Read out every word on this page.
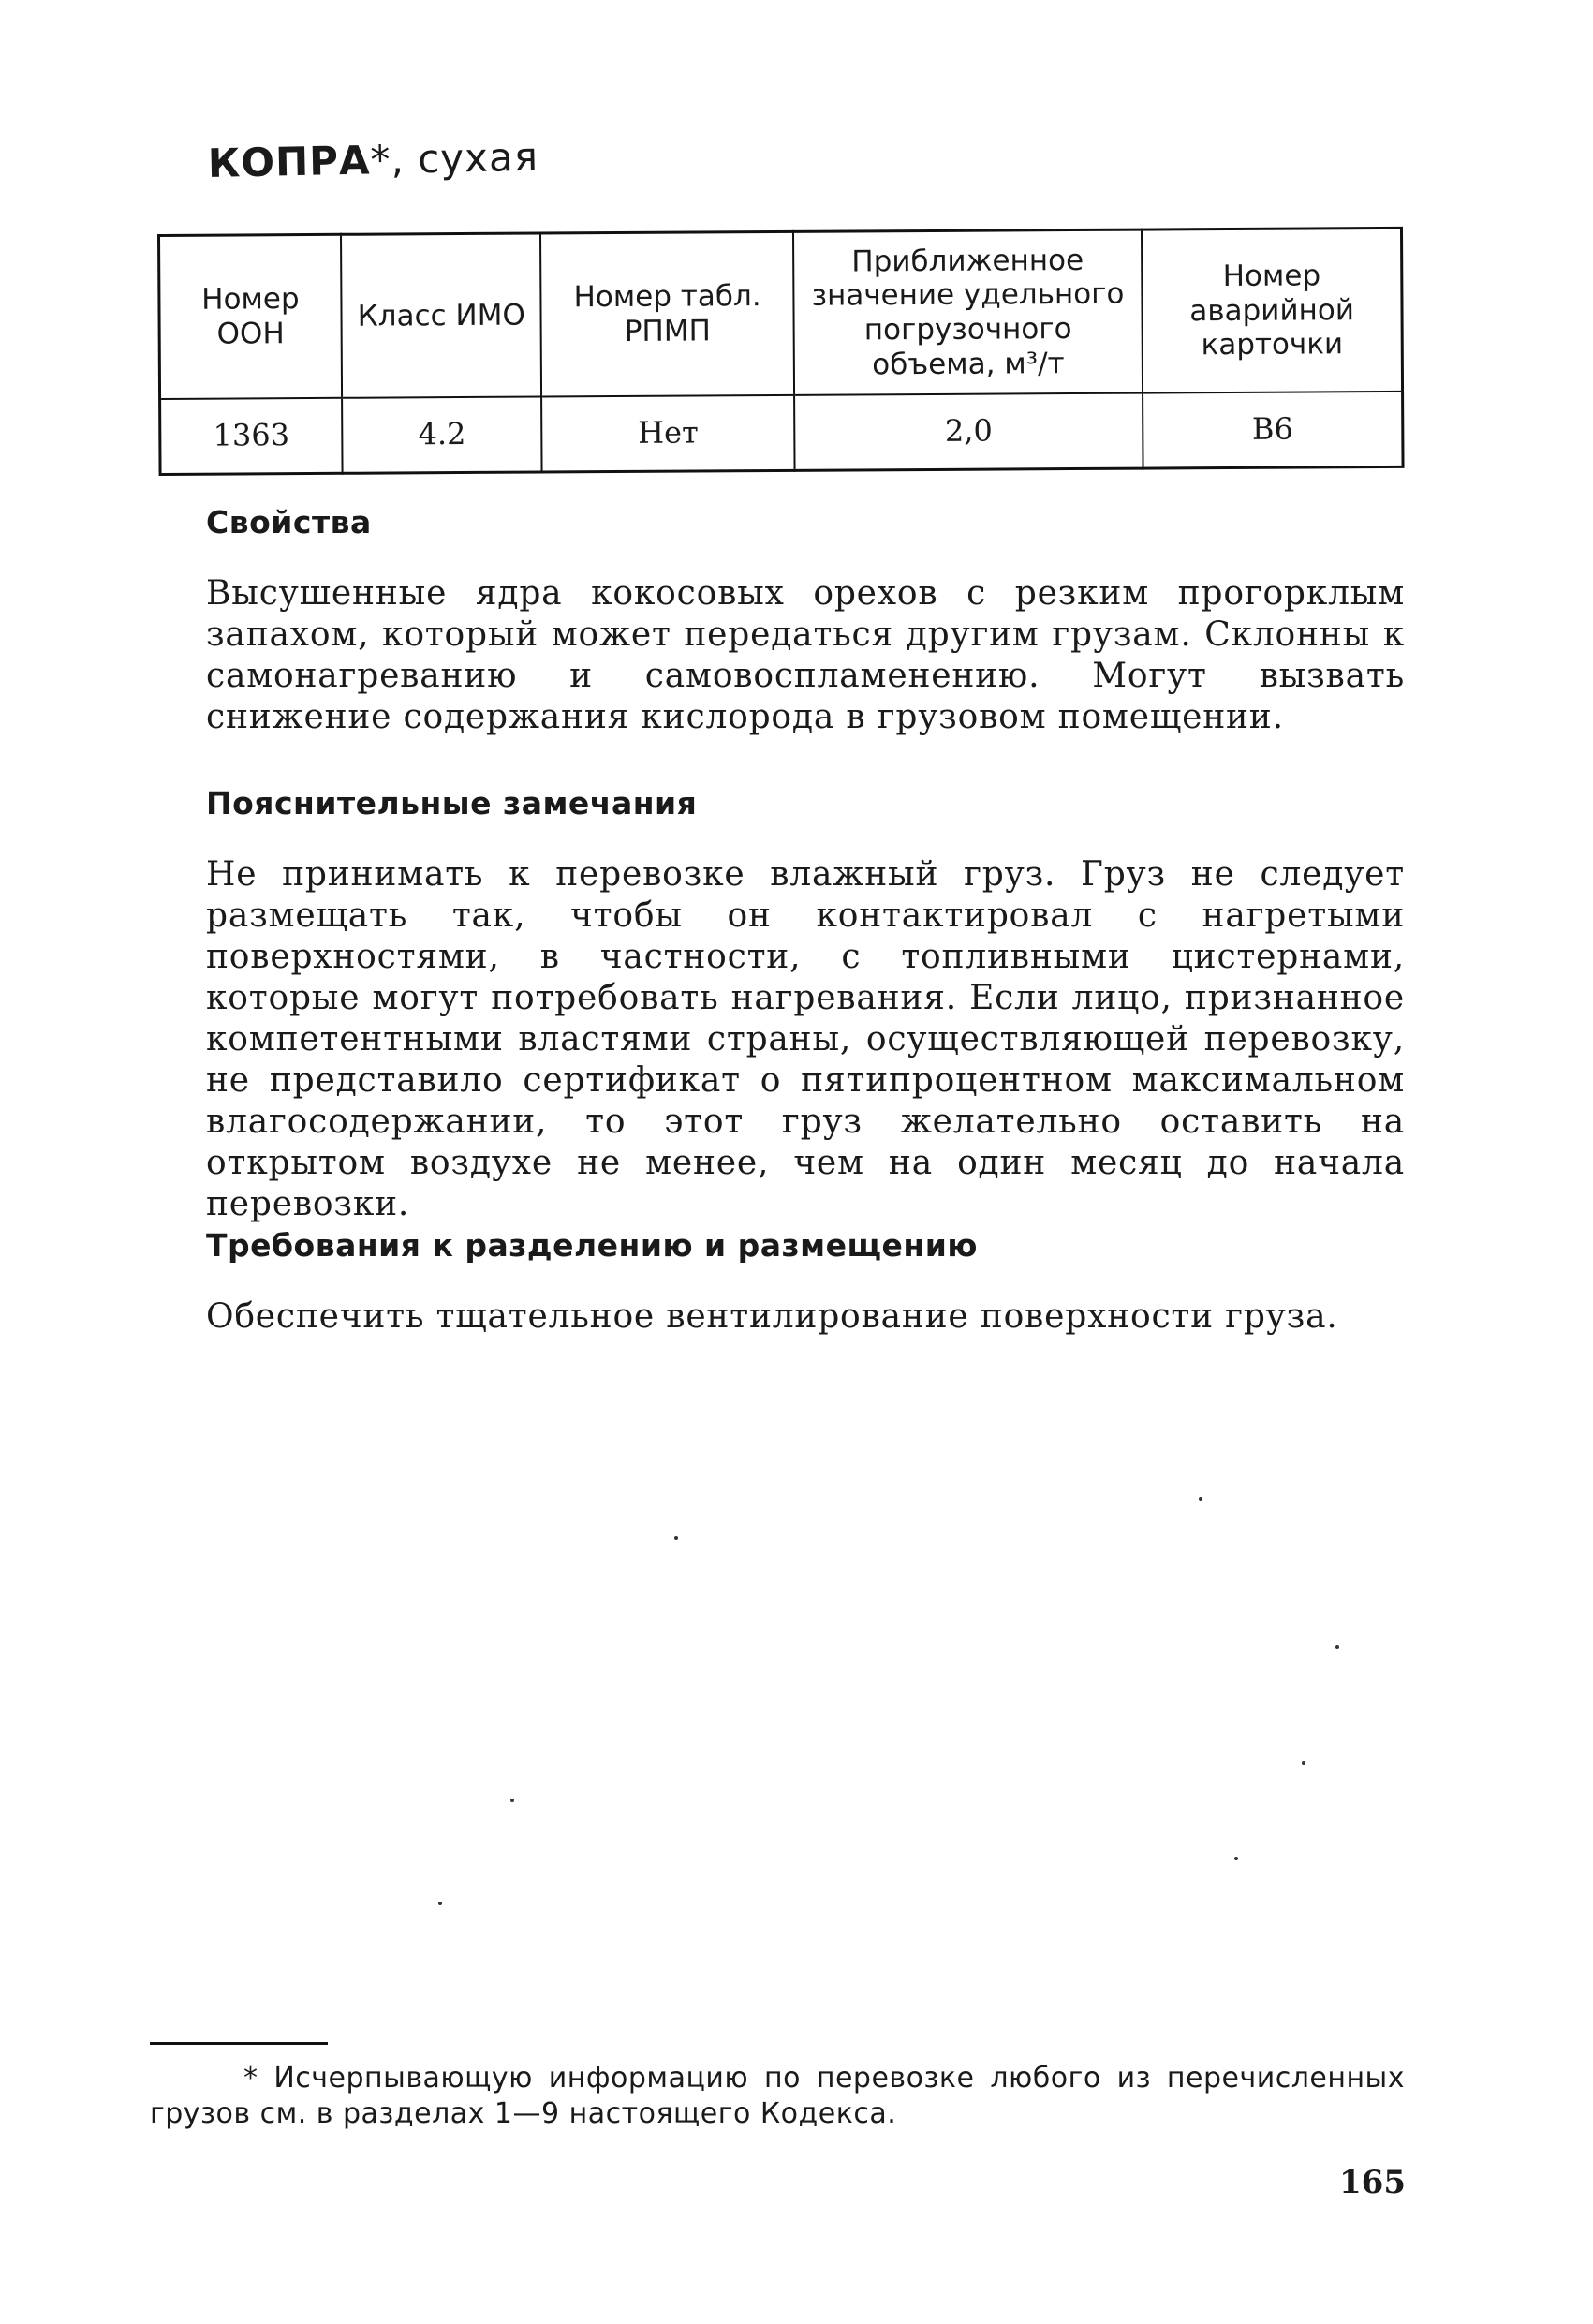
КОПРА*, сухая
Номер ООН	Класс ИМО	Номер табл. РПМП	Приближенное значение удельного погрузочного объема, м³/т	Номер аварийной карточки
1363	4.2	Нет	2,0	B6
Свойства

Высушенные ядра кокосовых орехов с резким прогорклым запахом, который может передаться другим грузам. Склонны к самонагреванию и самовоспламенению. Могут вызвать снижение содержания кислорода в грузовом помещении.

Пояснительные замечания

Не принимать к перевозке влажный груз. Груз не следует размещать так, чтобы он контактировал с нагретыми поверхностями, в частности, с топливными цистернами, которые могут потребовать нагревания. Если лицо, признанное компетентными властями страны, осуществляющей перевозку, не представило сертификат о пятипроцентном максимальном влагосодержании, то этот груз желательно оставить на открытом воздухе не менее, чем на один месяц до начала перевозки.

Требования к разделению и размещению

Обеспечить тщательное вентилирование поверхности груза.

* Исчерпывающую информацию по перевозке любого из перечисленных грузов см. в разделах 1—9 настоящего Кодекса.

165
